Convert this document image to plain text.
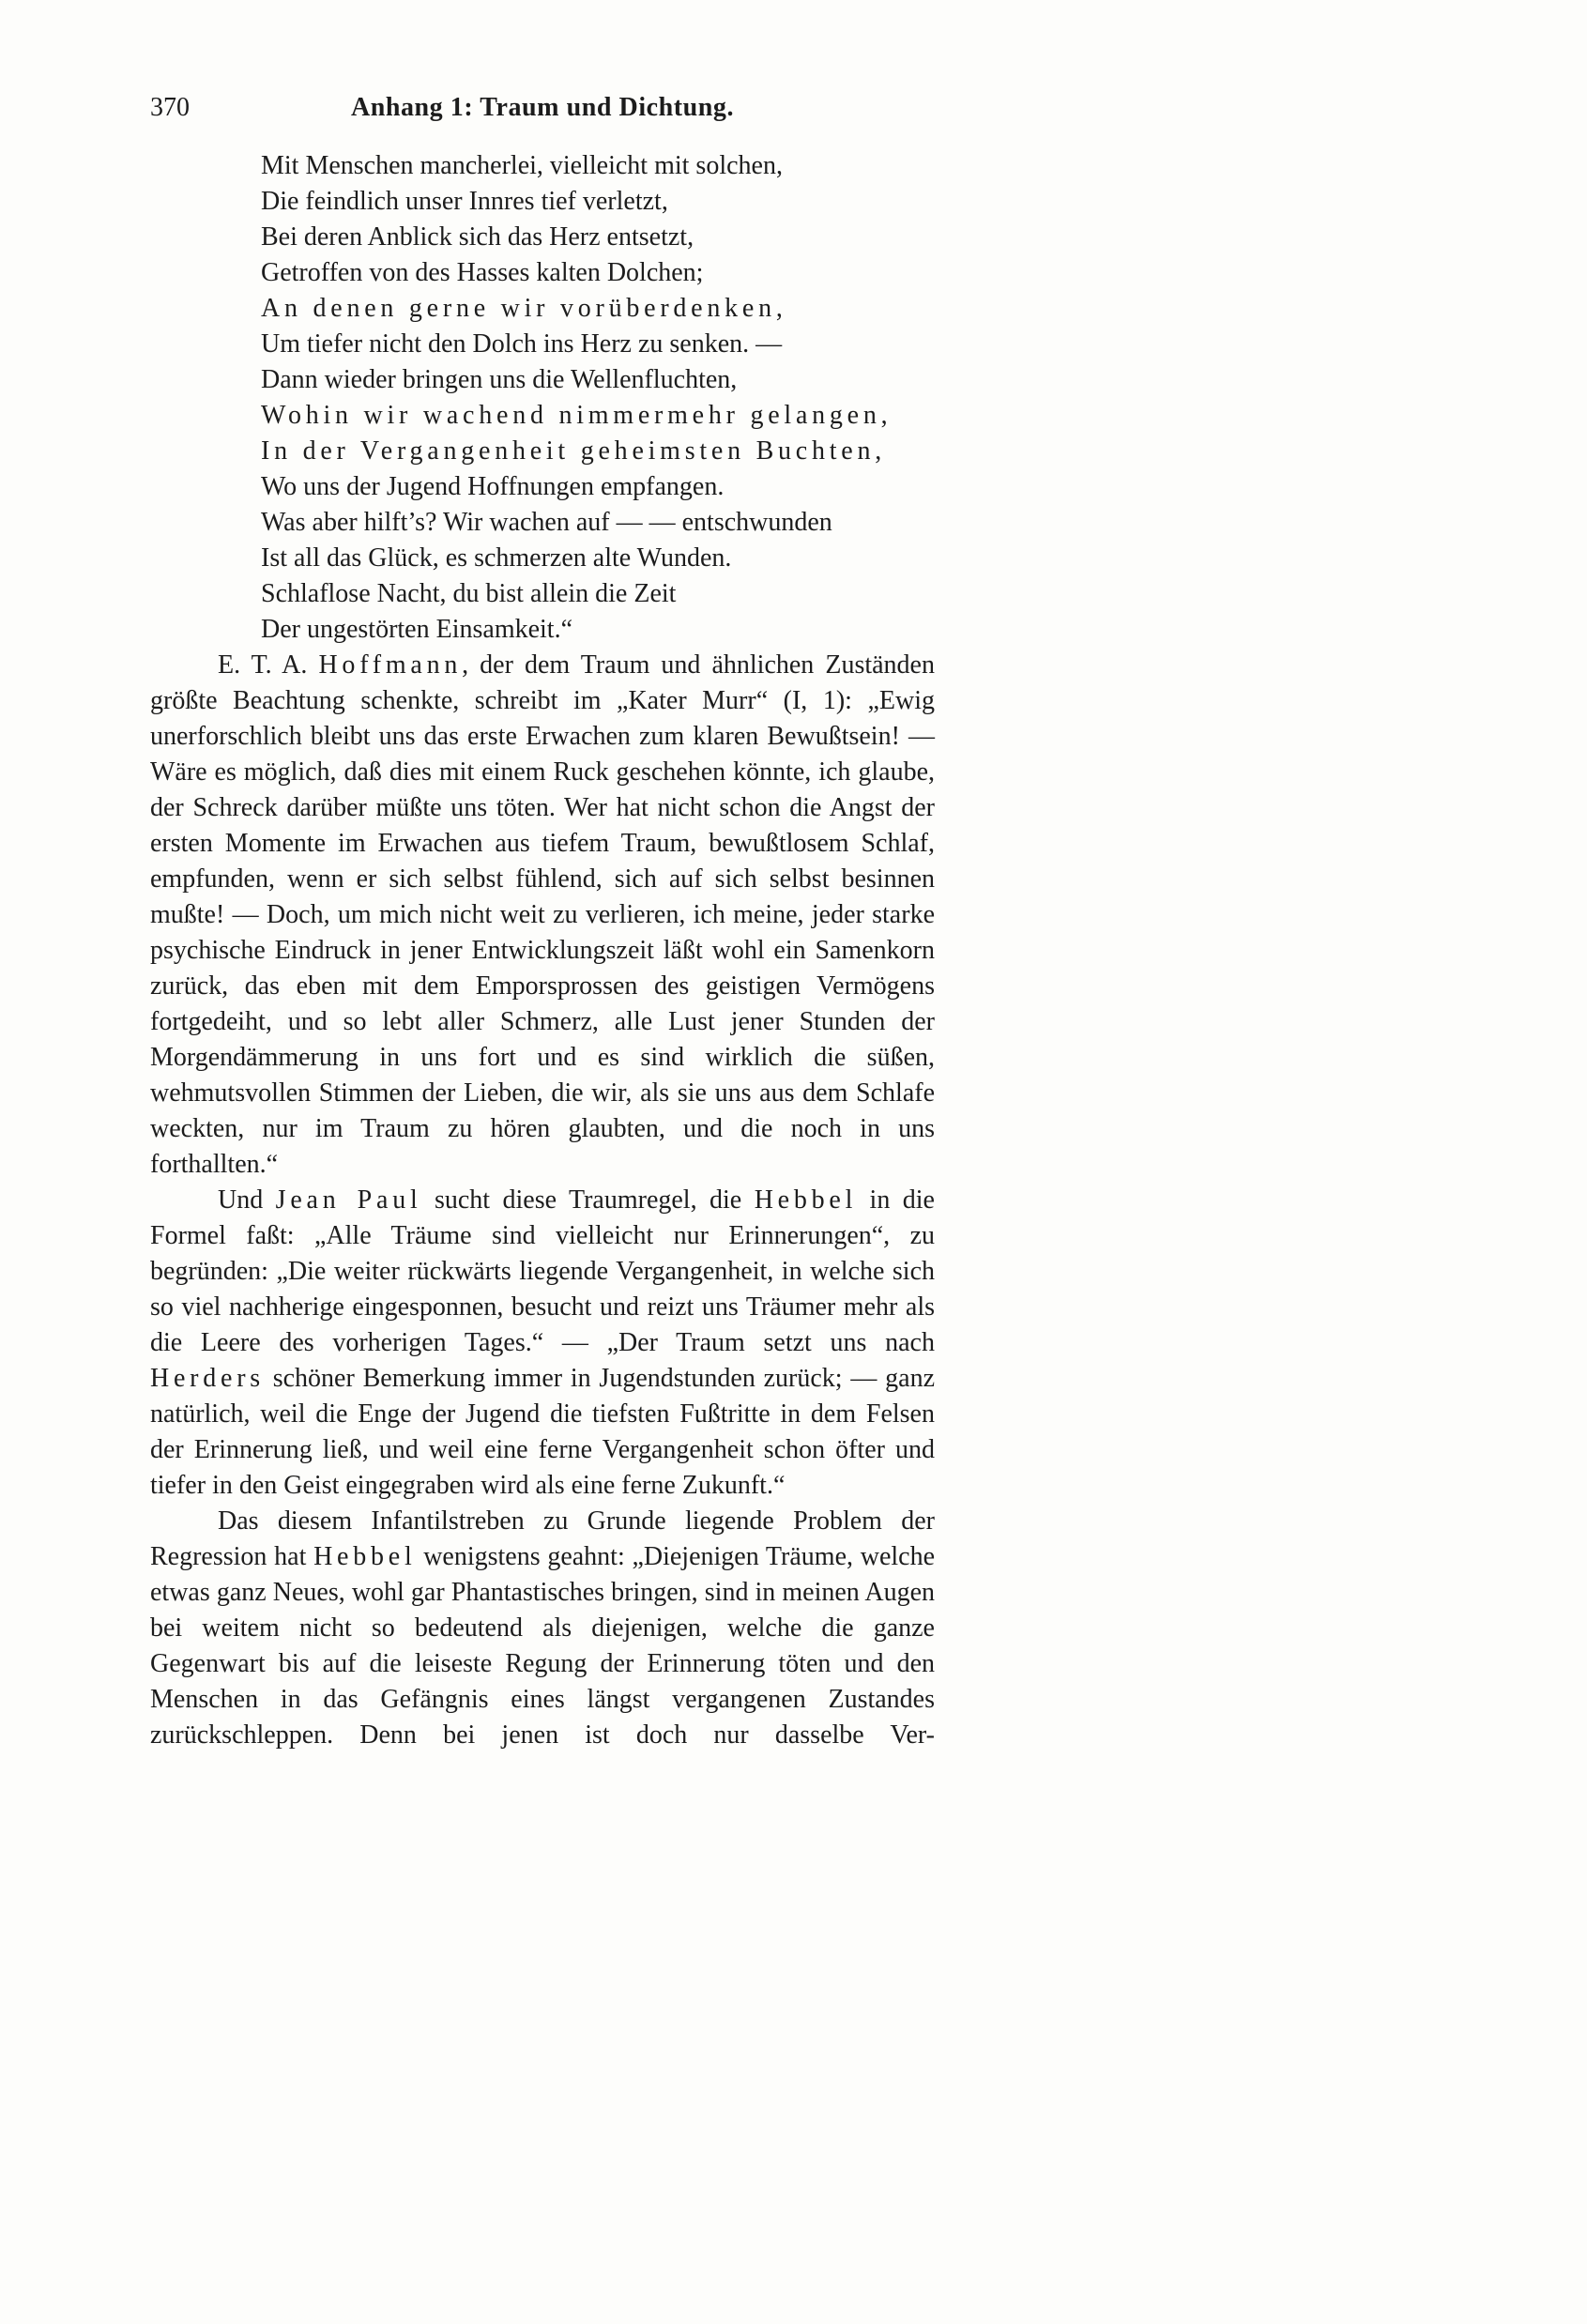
370	Anhang 1: Traum und Dichtung.
Mit Menschen mancherlei, vielleicht mit solchen,
Die feindlich unser Innres tief verletzt,
Bei deren Anblick sich das Herz entsetzt,
Getroffen von des Hasses kalten Dolchen;
An denen gerne wir vorüberdenken,
Um tiefer nicht den Dolch ins Herz zu senken. —
Dann wieder bringen uns die Wellenfluchten,
Wohin wir wachend nimmermehr gelangen,
In der Vergangenheit geheimsten Buchten,
Wo uns der Jugend Hoffnungen empfangen.
Was aber hilft’s? Wir wachen auf — — entschwunden
Ist all das Glück, es schmerzen alte Wunden.
Schlaflose Nacht, du bist allein die Zeit
Der ungestörten Einsamkeit.“

E. T. A. Hoffmann, der dem Traum und ähnlichen Zuständen größte Beachtung schenkte, schreibt im „Kater Murr“ (I, 1): „Ewig unerforschlich bleibt uns das erste Erwachen zum klaren Bewußtsein! — Wäre es möglich, daß dies mit einem Ruck geschehen könnte, ich glaube, der Schreck darüber müßte uns töten. Wer hat nicht schon die Angst der ersten Momente im Erwachen aus tiefem Traum, bewußtlosem Schlaf, empfunden, wenn er sich selbst fühlend, sich auf sich selbst besinnen mußte! — Doch, um mich nicht weit zu verlieren, ich meine, jeder starke psychische Eindruck in jener Entwicklungszeit läßt wohl ein Samenkorn zurück, das eben mit dem Emporsprossen des geistigen Vermögens fortgedeiht, und so lebt aller Schmerz, alle Lust jener Stunden der Morgendämmerung in uns fort und es sind wirklich die süßen, wehmutsvollen Stimmen der Lieben, die wir, als sie uns aus dem Schlafe weckten, nur im Traum zu hören glaubten, und die noch in uns forthallten.“

Und Jean Paul sucht diese Traumregel, die Hebbel in die Formel faßt: „Alle Träume sind vielleicht nur Erinnerungen“, zu begründen: „Die weiter rückwärts liegende Vergangenheit, in welche sich so viel nachherige eingesponnen, besucht und reizt uns Träumer mehr als die Leere des vorherigen Tages.“ — „Der Traum setzt uns nach Herders schöner Bemerkung immer in Jugendstunden zurück; — ganz natürlich, weil die Enge der Jugend die tiefsten Fußtritte in dem Felsen der Erinnerung ließ, und weil eine ferne Vergangenheit schon öfter und tiefer in den Geist eingegraben wird als eine ferne Zukunft.“

Das diesem Infantilstreben zu Grunde liegende Problem der Regression hat Hebbel wenigstens geahnt: „Diejenigen Träume, welche etwas ganz Neues, wohl gar Phantastisches bringen, sind in meinen Augen bei weitem nicht so bedeutend als diejenigen, welche die ganze Gegenwart bis auf die leiseste Regung der Erinnerung töten und den Menschen in das Gefängnis eines längst vergangenen Zustandes zurückschleppen. Denn bei jenen ist doch nur dasselbe Ver-
